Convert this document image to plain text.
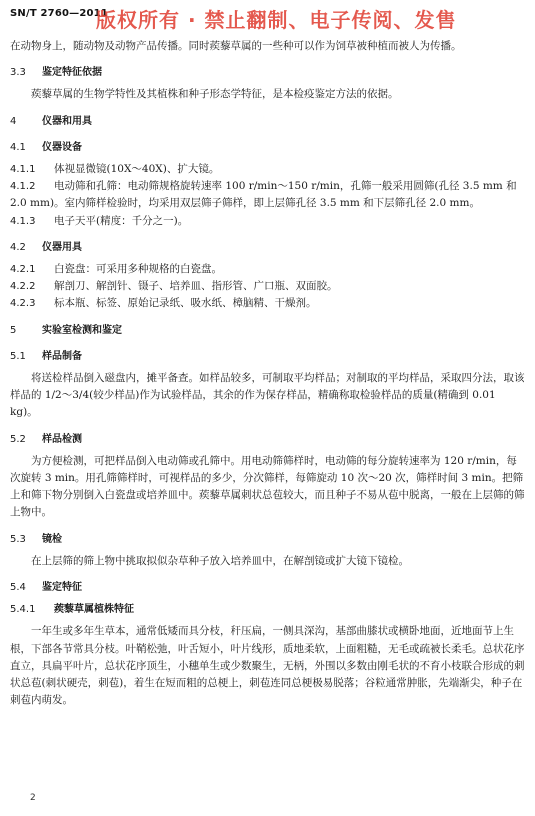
SN/T 2760—2011
版权所有 · 禁止翻制、电子传阅、发售

在动物身上，随动物及动物产品传播。同时蒺藜草属的一些种可以作为饲草被种植而被人为传播。

3.3 鉴定特征依据

蒺藜草属的生物学特性及其植株和种子形态学特征，是本检疫鉴定方法的依据。

4	仪器和用具
4.1 仪器设备
4.1.1 体视显微镜(10X～40X)、扩大镜。
4.1.2 电动筛和孔筛：电动筛规格旋转速率 100 r/min～150 r/min，孔筛一般采用圆筛(孔径 3.5 mm 和 2.0 mm)。室内筛样检验时，均采用双层筛子筛样，即上层筛孔径 3.5 mm 和下层筛孔径 2.0 mm。
4.1.3 电子天平(精度：千分之一)。
4.2 仪器用具
4.2.1 白瓷盘：可采用多种规格的白瓷盘。
4.2.2 解剖刀、解剖针、镊子、培养皿、指形管、广口瓶、双面胶。
4.2.3 标本瓶、标签、原始记录纸、吸水纸、樟脑精、干燥剂。
5	实验室检测和鉴定
5.1 样品制备

将送检样品倒入磁盘内，摊平备查。如样品较多，可制取平均样品；对制取的平均样品，采取四分法，取该样品的 1/2～3/4(较少样品)作为试验样品，其余的作为保存样品，精确称取检验样品的质量(精确到 0.01 kg)。

5.2 样品检测

为方便检测，可把样品倒入电动筛或孔筛中。用电动筛筛样时，电动筛的每分旋转速率为 120 r/min，每次旋转 3 min。用孔筛筛样时，可视样品的多少，分次筛样，每筛旋动 10 次～20 次，筛样时间 3 min。把筛上和筛下物分别倒入白瓷盘或培养皿中。蒺藜草属刺状总苞较大，而且种子不易从苞中脱离，一般在上层筛的筛上物中。

5.3 镜检

在上层筛的筛上物中挑取拟似杂草种子放入培养皿中，在解剖镜或扩大镜下镜检。

5.4 鉴定特征
5.4.1 蒺藜草属植株特征

一年生或多年生草本，通常低矮而具分枝，秆压扁，一侧具深沟，基部曲膝状或横卧地面，近地面节上生根，下部各节常具分枝。叶鞘松弛，叶舌短小，叶片线形，质地柔软，上面粗糙，无毛或疏被长柔毛。总状花序直立，具扁平叶片，总状花序顶生，小穗单生或少数聚生，无柄，外围以多数由刚毛状的不育小枝联合形成的刺状总苞(刺状硬壳，刺苞)，着生在短而粗的总梗上，刺苞连同总梗极易脱落；谷粒通常肿胀，先端渐尖，种子在刺苞内萌发。

2
